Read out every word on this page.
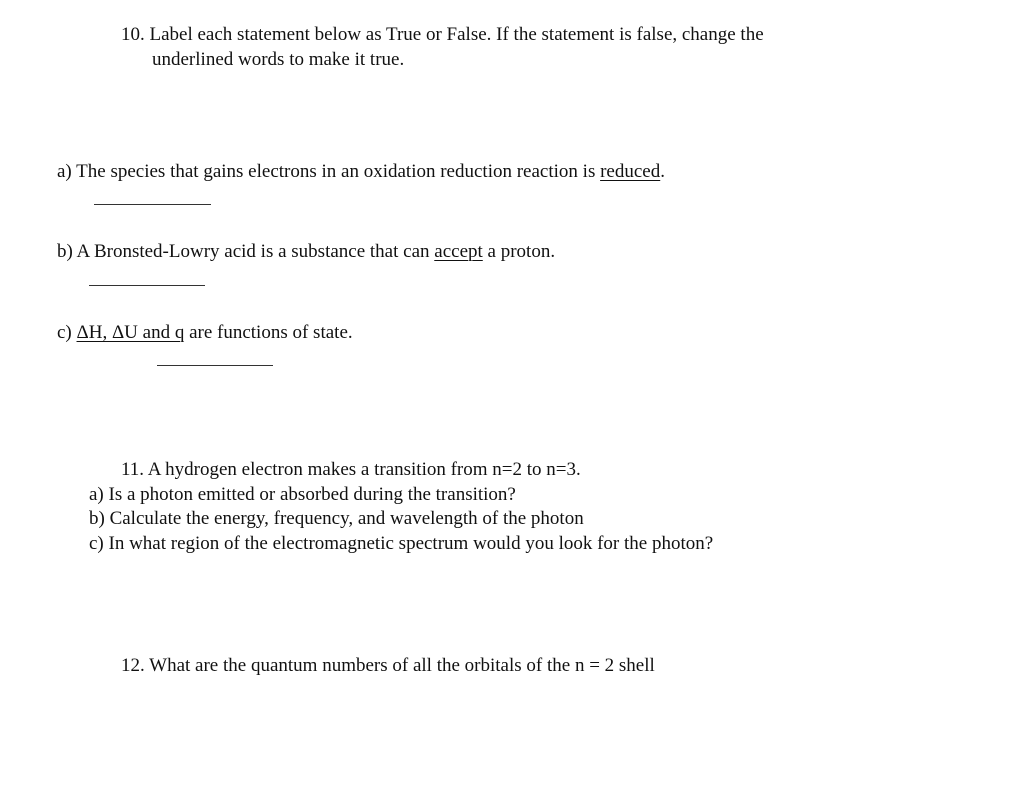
10. Label each statement below as True or False. If the statement is false, change the
underlined words to make it true.
a) The species that gains electrons in an oxidation reduction reaction is reduced.
b) A Bronsted-Lowry acid is a substance that can accept a proton.
c) ΔH, ΔU and q are functions of state.
11. A hydrogen electron makes a transition from n=2 to n=3.
a) Is a photon emitted or absorbed during the transition?
b) Calculate the energy, frequency, and wavelength of the photon
c) In what region of the electromagnetic spectrum would you look for the photon?
12. What are the quantum numbers of all the orbitals of the n = 2 shell
